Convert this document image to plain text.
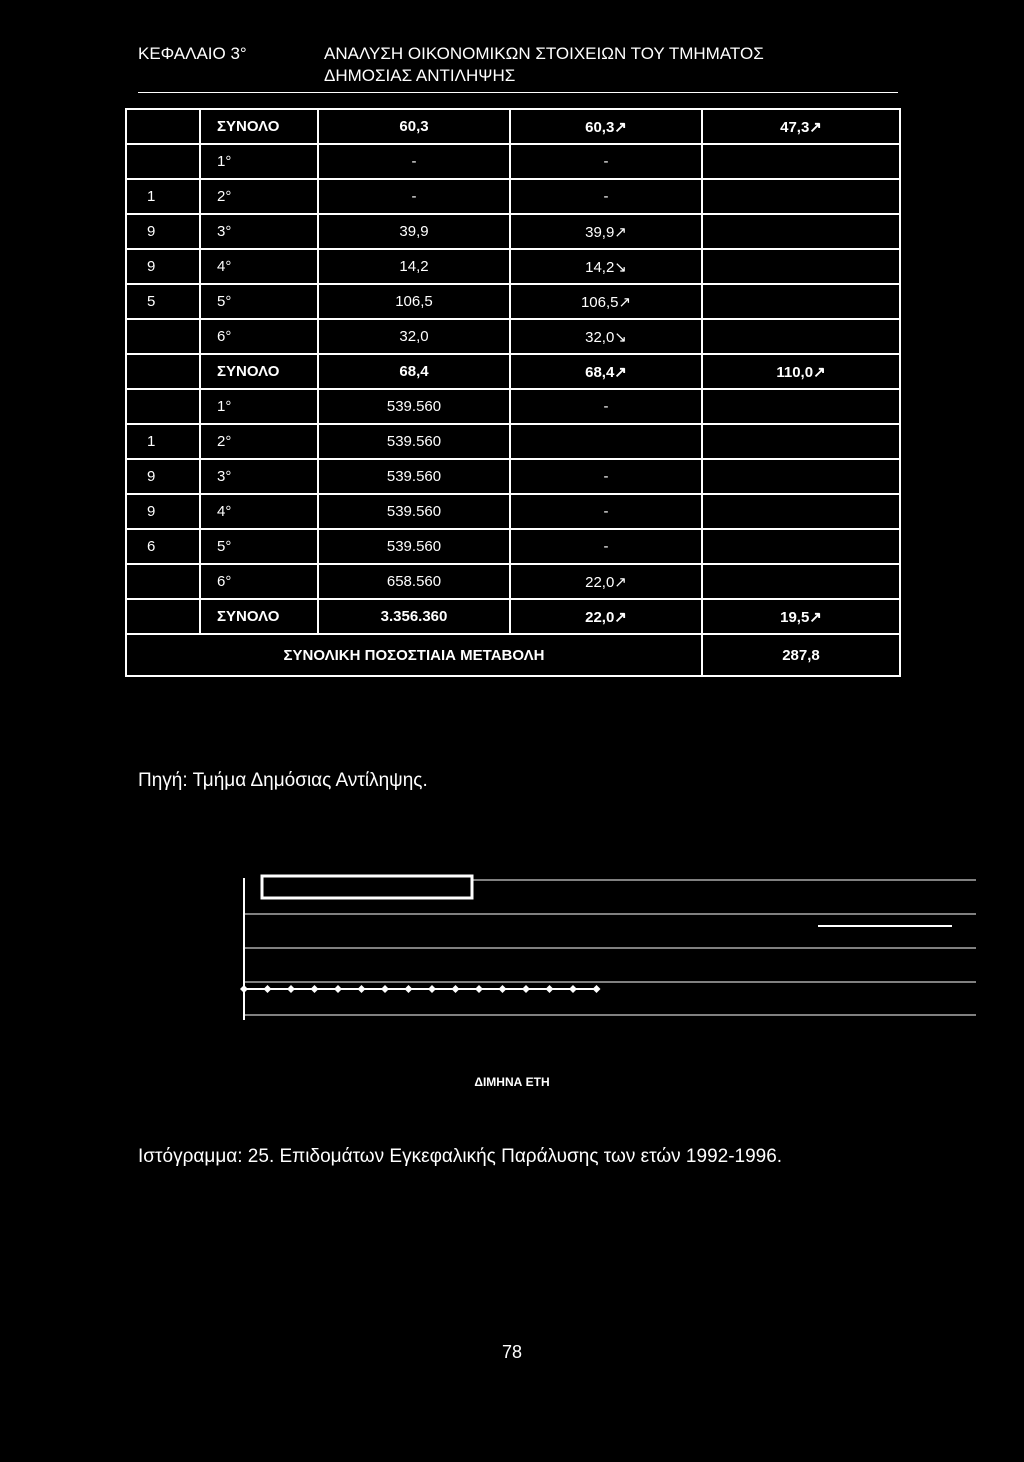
ΚΕΦΑΛΑΙΟ 3°	ΑΝΑΛΥΣΗ ΟΙΚΟΝΟΜΙΚΩΝ ΣΤΟΙΧΕΙΩΝ ΤΟΥ ΤΜΗΜΑΤΟΣ
ΔΗΜΟΣΙΑΣ ΑΝΤΙΛΗΨΗΣ
	ΣΥΝΟΛΟ	60,3	60,3↗	47,3↗
	1°	-	-	
1	2°	-	-	
9	3°	39,9	39,9↗	
9	4°	14,2	14,2↘	
5	5°	106,5	106,5↗	
	6°	32,0	32,0↘	
	ΣΥΝΟΛΟ	68,4	68,4↗	110,0↗
	1°	539.560	-	
1	2°	539.560		
9	3°	539.560	-	
9	4°	539.560	-	
6	5°	539.560	-	
	6°	658.560	22,0↗	
	ΣΥΝΟΛΟ	3.356.360	22,0↗	19,5↗
ΣΥΝΟΛΙΚΗ ΠΟΣΟΣΤΙΑΙΑ ΜΕΤΑΒΟΛΗ				287,8
Πηγή: Τμήμα Δημόσιας Αντίληψης.
ΔΙΜΗΝΑ ΕΤΗ
Ιστόγραμμα: 25. Επιδομάτων Εγκεφαλικής Παράλυσης των ετών 1992-1996.
78
